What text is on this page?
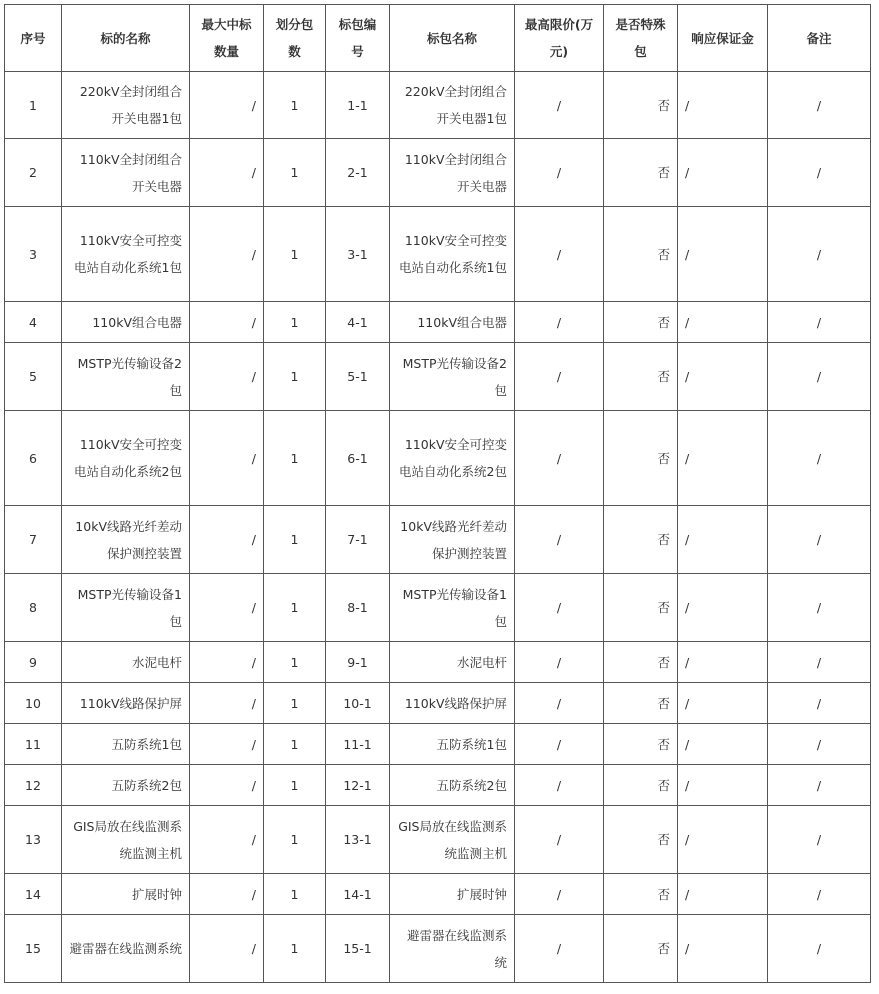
序号	标的名称	最大中标数量	划分包数	标包编号	标包名称	最高限价(万元)	是否特殊包	响应保证金	备注
1	220kV全封闭组合开关电器1包	/	1	1-1	220kV全封闭组合开关电器1包	/	否	/	/
2	110kV全封闭组合开关电器	/	1	2-1	110kV全封闭组合开关电器	/	否	/	/
3	110kV安全可控变电站自动化系统1包	/	1	3-1	110kV安全可控变电站自动化系统1包	/	否	/	/
4	110kV组合电器	/	1	4-1	110kV组合电器	/	否	/	/
5	MSTP光传输设备2包	/	1	5-1	MSTP光传输设备2包	/	否	/	/
6	110kV安全可控变电站自动化系统2包	/	1	6-1	110kV安全可控变电站自动化系统2包	/	否	/	/
7	10kV线路光纤差动保护测控装置	/	1	7-1	10kV线路光纤差动保护测控装置	/	否	/	/
8	MSTP光传输设备1包	/	1	8-1	MSTP光传输设备1包	/	否	/	/
9	水泥电杆	/	1	9-1	水泥电杆	/	否	/	/
10	110kV线路保护屏	/	1	10-1	110kV线路保护屏	/	否	/	/
11	五防系统1包	/	1	11-1	五防系统1包	/	否	/	/
12	五防系统2包	/	1	12-1	五防系统2包	/	否	/	/
13	GIS局放在线监测系统监测主机	/	1	13-1	GIS局放在线监测系统监测主机	/	否	/	/
14	扩展时钟	/	1	14-1	扩展时钟	/	否	/	/
15	避雷器在线监测系统	/	1	15-1	避雷器在线监测系统	/	否	/	/
